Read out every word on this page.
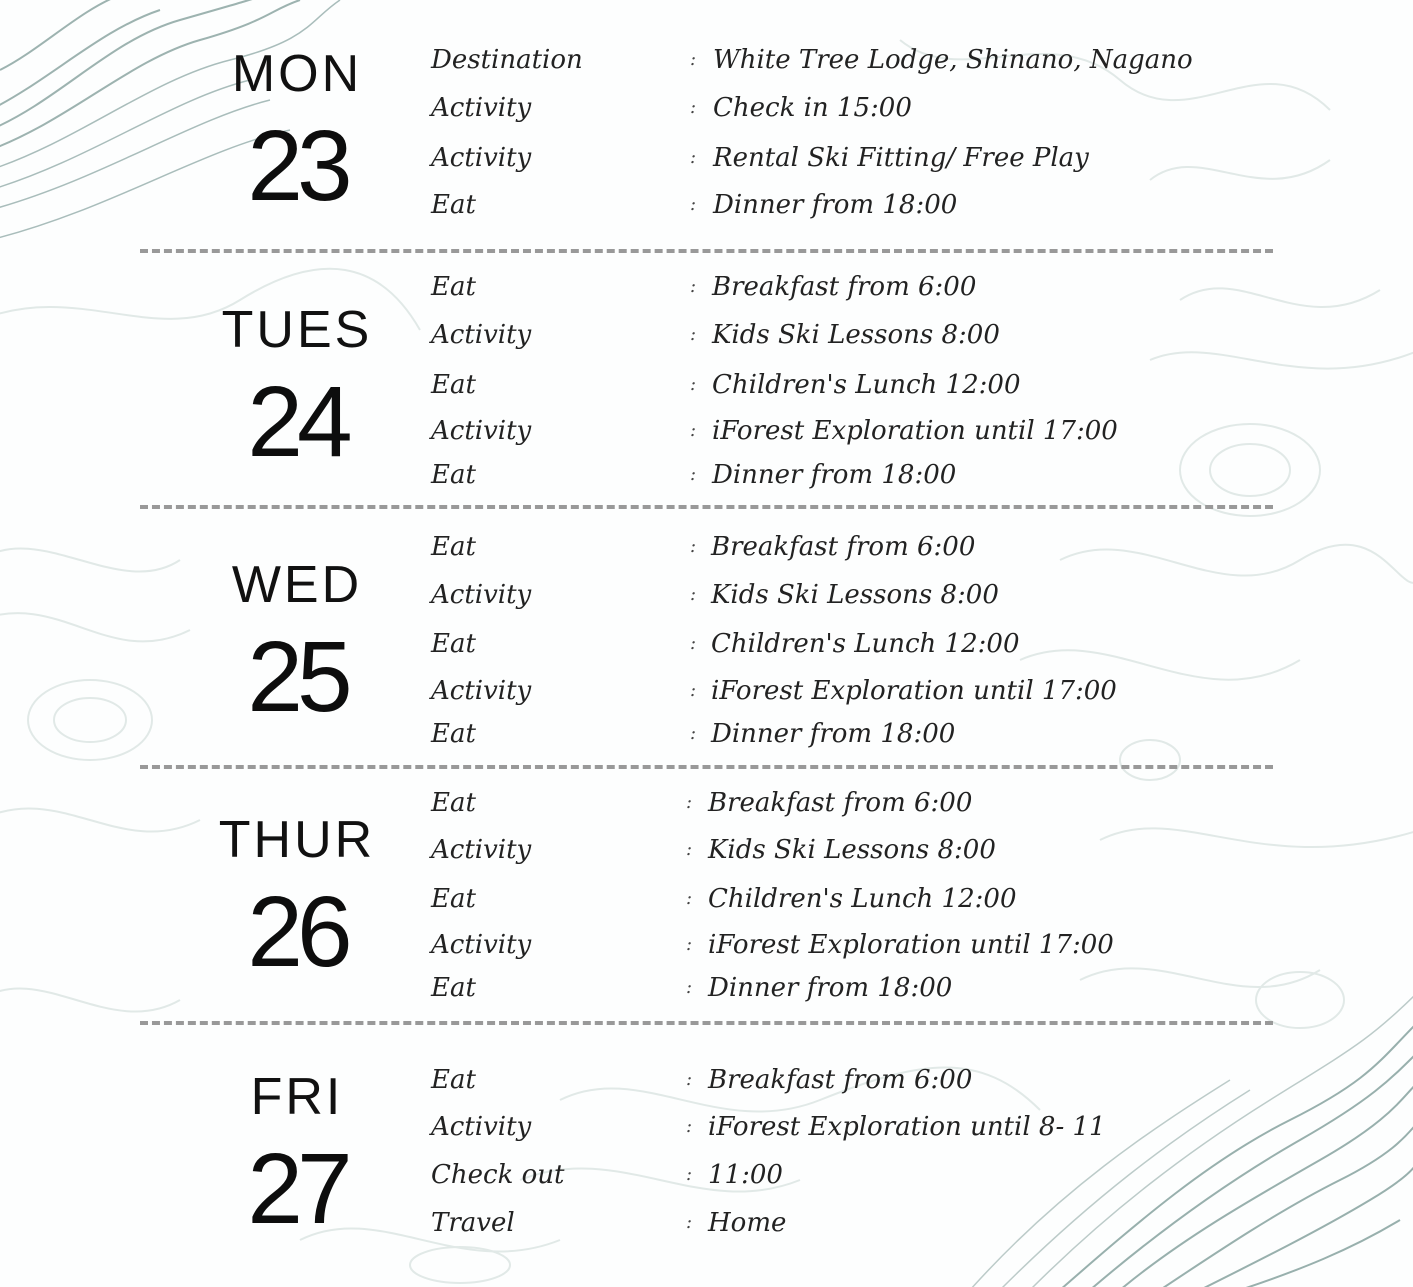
MON
23
Destination	: White Tree Lodge, Shinano, Nagano
Activity	: Check in 15:00
Activity	: Rental Ski Fitting/ Free Play
Eat	: Dinner from 18:00
TUES
24
Eat	: Breakfast from 6:00
Activity	: Kids Ski Lessons 8:00
Eat	: Children's Lunch 12:00
Activity	: iForest Exploration until 17:00
Eat	: Dinner from 18:00
WED
25
Eat	: Breakfast from 6:00
Activity	: Kids Ski Lessons 8:00
Eat	: Children's Lunch 12:00
Activity	: iForest Exploration until 17:00
Eat	: Dinner from 18:00
THUR
26
Eat	: Breakfast from 6:00
Activity	: Kids Ski Lessons 8:00
Eat	: Children's Lunch 12:00
Activity	: iForest Exploration until 17:00
Eat	: Dinner from 18:00
FRI
27
Eat	: Breakfast from 6:00
Activity	: iForest Exploration until 8- 11
Check out	: 11:00
Travel	: Home
